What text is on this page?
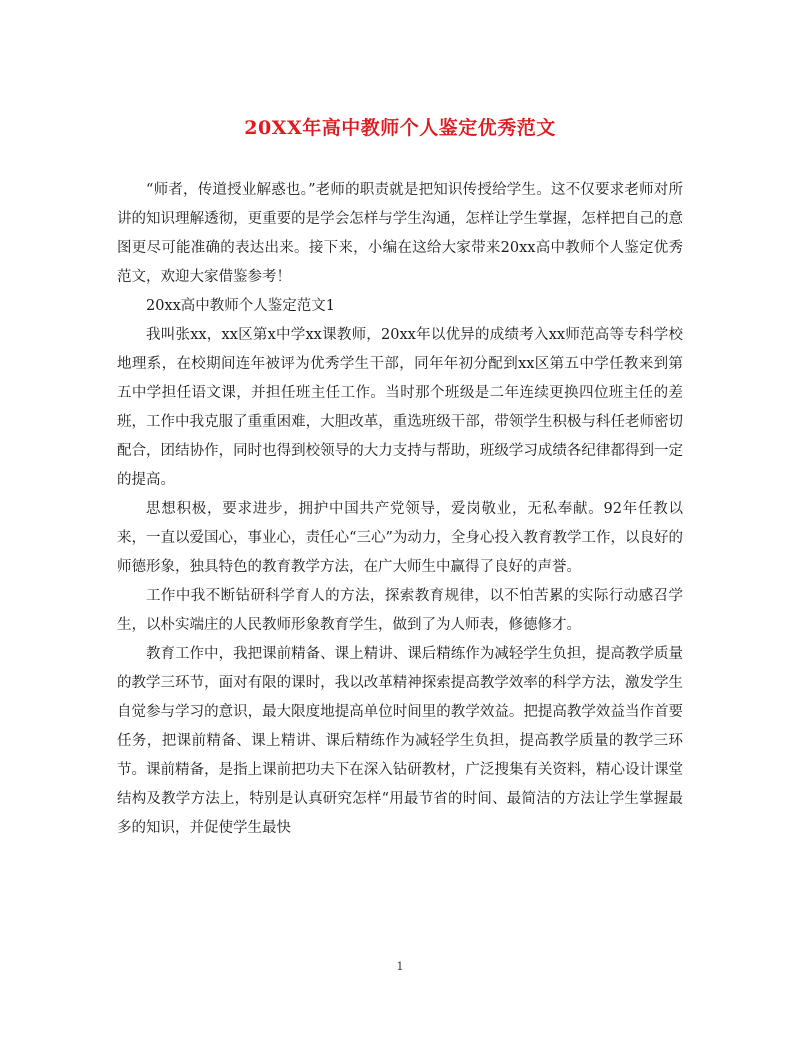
20XX年高中教师个人鉴定优秀范文

“师者，传道授业解惑也。”老师的职责就是把知识传授给学生。这不仅要求老师对所讲的知识理解透彻，更重要的是学会怎样与学生沟通，怎样让学生掌握，怎样把自己的意图更尽可能准确的表达出来。接下来，小编在这给大家带来20xx高中教师个人鉴定优秀范文，欢迎大家借鉴参考！

20xx高中教师个人鉴定范文1

我叫张xx，xx区第x中学xx课教师，20xx年以优异的成绩考入xx师范高等专科学校地理系，在校期间连年被评为优秀学生干部，同年年初分配到xx区第五中学任教来到第五中学担任语文课，并担任班主任工作。当时那个班级是二年连续更换四位班主任的差班，工作中我克服了重重困难，大胆改革，重选班级干部，带领学生积极与科任老师密切配合，团结协作，同时也得到校领导的大力支持与帮助，班级学习成绩各纪律都得到一定的提高。

思想积极，要求进步，拥护中国共产党领导，爱岗敬业，无私奉献。92年任教以来，一直以爱国心，事业心，责任心“三心”为动力，全身心投入教育教学工作，以良好的师德形象，独具特色的教育教学方法，在广大师生中赢得了良好的声誉。

工作中我不断钻研科学育人的方法，探索教育规律，以不怕苦累的实际行动感召学生，以朴实端庄的人民教师形象教育学生，做到了为人师表，修德修才。

教育工作中，我把课前精备、课上精讲、课后精练作为减轻学生负担，提高教学质量的教学三环节，面对有限的课时，我以改革精神探索提高教学效率的科学方法，激发学生自觉参与学习的意识，最大限度地提高单位时间里的教学效益。把提高教学效益当作首要任务，把课前精备、课上精讲、课后精练作为减轻学生负担，提高教学质量的教学三环节。课前精备，是指上课前把功夫下在深入钻研教材，广泛搜集有关资料，精心设计课堂结构及教学方法上，特别是认真研究怎样“用最节省的时间、最简洁的方法让学生掌握最多的知识，并促使学生最快

1
